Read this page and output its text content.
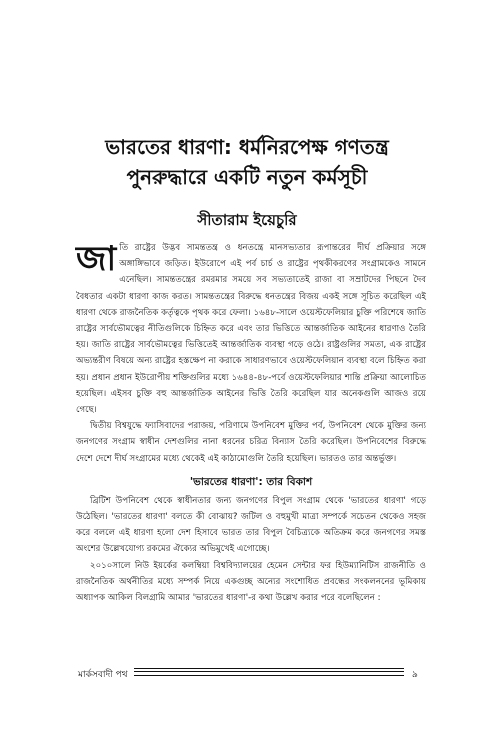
ভারতের ধারণা: ধর্মনিরপেক্ষ গণতন্ত্র
পুনরুদ্ধারে একটি নতুন কর্মসূচী
সীতারাম ইয়েচুরি

জাতি রাষ্ট্রের উদ্ভব সামন্ততন্ত্র ও ধনতন্ত্রে মানসভ্যতার রূপান্তরের দীর্ঘ প্রক্রিয়ার সঙ্গে অঙ্গাঙ্গিভাবে জড়িত। ইউরোপে এই পর্ব চার্চ ও রাষ্ট্রের পৃথকীকরণের সংগ্রামকেও সামনে এনেছিল। সামন্ততন্ত্রের রমরমার সময়ে সব সভ্যতাতেই রাজা বা সম্রাটদের পিছনে দৈব বৈধতার একটা ধারণা কাজ করত। সামন্ততন্ত্রের বিরুদ্ধে ধনতন্ত্রের বিজয় একই সঙ্গে সূচিত করেছিল এই ধারণা থেকে রাজনৈতিক কর্তৃত্বকে পৃথক করে ফেলা। ১৬৪৮-সালে ওয়েস্টফেলিয়ার চুক্তি পরিশেষে জাতি রাষ্ট্রের সার্বভৌমত্বের নীতিগুলিকে চিহ্নিত করে এবং তার ভিত্তিতে আন্তর্জাতিক আইনের ধারণাও তৈরি হয়। জাতি রাষ্ট্রের সার্বভৌমত্বের ভিত্তিতেই আন্তর্জাতিক ব্যবস্থা গড়ে ওঠে। রাষ্ট্রগুলির সমতা, এক রাষ্ট্রের অভ্যন্তরীণ বিষয়ে অন্য রাষ্ট্রের হস্তক্ষেপ না করাকে সাধারণভাবে ওয়েস্টফেলিয়ান ব্যবস্থা বলে চিহ্নিত করা হয়। প্রধান প্রধান ইউরোপীয় শক্তিগুলির মধ্যে ১৬৪৪-৪৮-পর্বে ওয়েস্টফেলিয়ার শান্তি প্রক্রিয়া আলোচিত হয়েছিল। এইসব চুক্তি বহু আন্তর্জাতিক আইনের ভিত্তি তৈরি করেছিল যার অনেকগুলি আজও রয়ে গেছে।

দ্বিতীয় বিশ্বযুদ্ধে ফ্যাসিবাদের পরাজয়, পরিণামে উপনিবেশ মুক্তির পর্ব, উপনিবেশ থেকে মুক্তির জন্য জনগণের সংগ্রাম স্বাধীন দেশগুলির নানা ধরনের চরিত্র বিন্যাস তৈরি করেছিল। উপনিবেশের বিরুদ্ধে দেশে দেশে দীর্ঘ সংগ্রামের মধ্যে থেকেই এই কাঠামোগুলি তৈরি হয়েছিল। ভারতও তার অন্তর্ভুক্ত।

'ভারতের ধারণা': তার বিকাশ

ব্রিটিশ উপনিবেশ থেকে স্বাধীনতার জন্য জনগণের বিপুল সংগ্রাম থেকে 'ভারতের ধারণা' গড়ে উঠেছিল। 'ভারতের ধারণা' বলতে কী বোঝায়? জটিল ও বহুমুখী মাত্রা সম্পর্কে সচেতন থেকেও সহজ করে বললে এই ধারণা হলো দেশ হিসাবে ভারত তার বিপুল বৈচিত্র্যকে অতিক্রম করে জনগণের সমস্ত অংশের উল্লেখযোগ্য রকমের ঐক্যের অভিমুখেই এগোচ্ছে।

২০১০সালে নিউ ইয়র্কের কলম্বিয়া বিশ্ববিদ্যালয়ের হেমেন সেন্টার ফর হিউম্যানিটিস রাজনীতি ও রাজনৈতিক অর্থনীতির মধ্যে সম্পর্ক নিয়ে একগুচ্ছ অন্যের সংশোধিত প্রবন্ধের সংকলননের ভূমিকায় অধ্যাপক আকিল বিলগ্রামি আমার 'ভারতের ধারণা'-র কথা উল্লেখ করার পরে বলেছিলেন :

মার্কসবাদী পথ	৯
